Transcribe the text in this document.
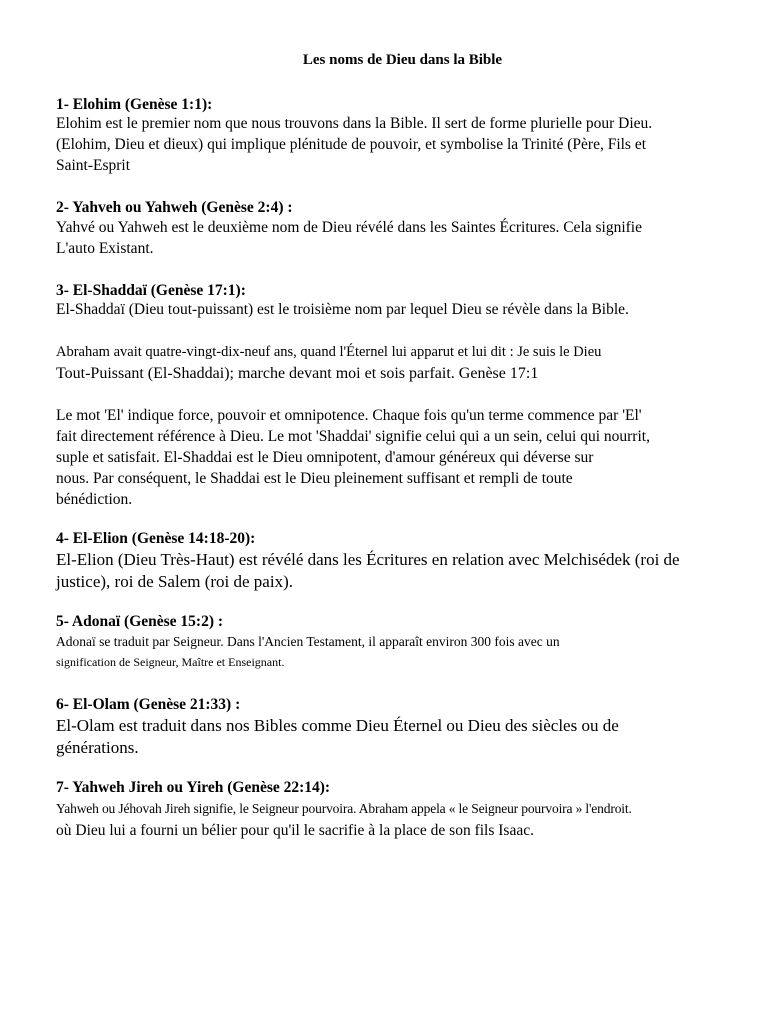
Les noms de Dieu dans la Bible
1- Elohim (Genèse 1:1):
Elohim est le premier nom que nous trouvons dans la Bible. Il sert de forme plurielle pour Dieu.
(Elohim, Dieu et dieux) qui implique plénitude de pouvoir, et symbolise la Trinité (Père, Fils et
Saint-Esprit
2- Yahveh ou Yahweh (Genèse 2:4) :
Yahvé ou Yahweh est le deuxième nom de Dieu révélé dans les Saintes Écritures. Cela signifie
L'auto Existant.
3- El-Shaddaï (Genèse 17:1):
El-Shaddaï (Dieu tout-puissant) est le troisième nom par lequel Dieu se révèle dans la Bible.
Abraham avait quatre-vingt-dix-neuf ans, quand l'Éternel lui apparut et lui dit : Je suis le Dieu
Tout-Puissant (El-Shaddai); marche devant moi et sois parfait. Genèse 17:1
Le mot 'El' indique force, pouvoir et omnipotence. Chaque fois qu'un terme commence par 'El'
fait directement référence à Dieu. Le mot 'Shaddai' signifie celui qui a un sein, celui qui nourrit,
suple et satisfait. El-Shaddai est le Dieu omnipotent, d'amour généreux qui déverse sur
nous. Par conséquent, le Shaddai est le Dieu pleinement suffisant et rempli de toute
bénédiction.
4- El-Elion (Genèse 14:18-20):
El-Elion (Dieu Très-Haut) est révélé dans les Écritures en relation avec Melchisédek (roi de
justice), roi de Salem (roi de paix).
5- Adonaï (Genèse 15:2) :
Adonaï se traduit par Seigneur. Dans l'Ancien Testament, il apparaît environ 300 fois avec un
signification de Seigneur, Maître et Enseignant.
6- El-Olam (Genèse 21:33) :
El-Olam est traduit dans nos Bibles comme Dieu Éternel ou Dieu des siècles ou de
générations.
7- Yahweh Jireh ou Yireh (Genèse 22:14):
Yahweh ou Jéhovah Jireh signifie, le Seigneur pourvoira. Abraham appela « le Seigneur pourvoira » l'endroit.
où Dieu lui a fourni un bélier pour qu'il le sacrifie à la place de son fils Isaac.
